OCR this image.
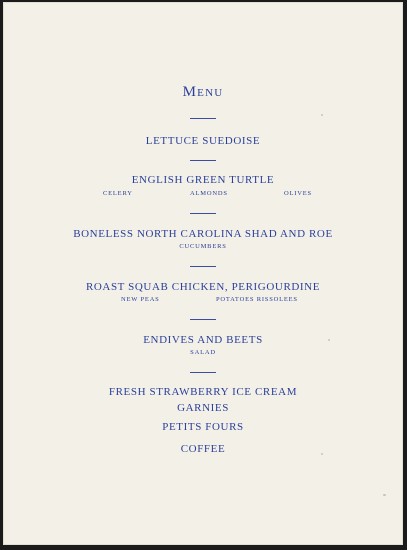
Menu
LETTUCE SUEDOISE
ENGLISH GREEN TURTLE
CELERY	ALMONDS	OLIVES
BONELESS NORTH CAROLINA SHAD AND ROE
CUCUMBERS
ROAST SQUAB CHICKEN, PERIGOURDINE
NEW PEAS	POTATOES RISSOLEES
ENDIVES AND BEETS
SALAD
FRESH STRAWBERRY ICE CREAM
GARNIES
PETITS FOURS
COFFEE
